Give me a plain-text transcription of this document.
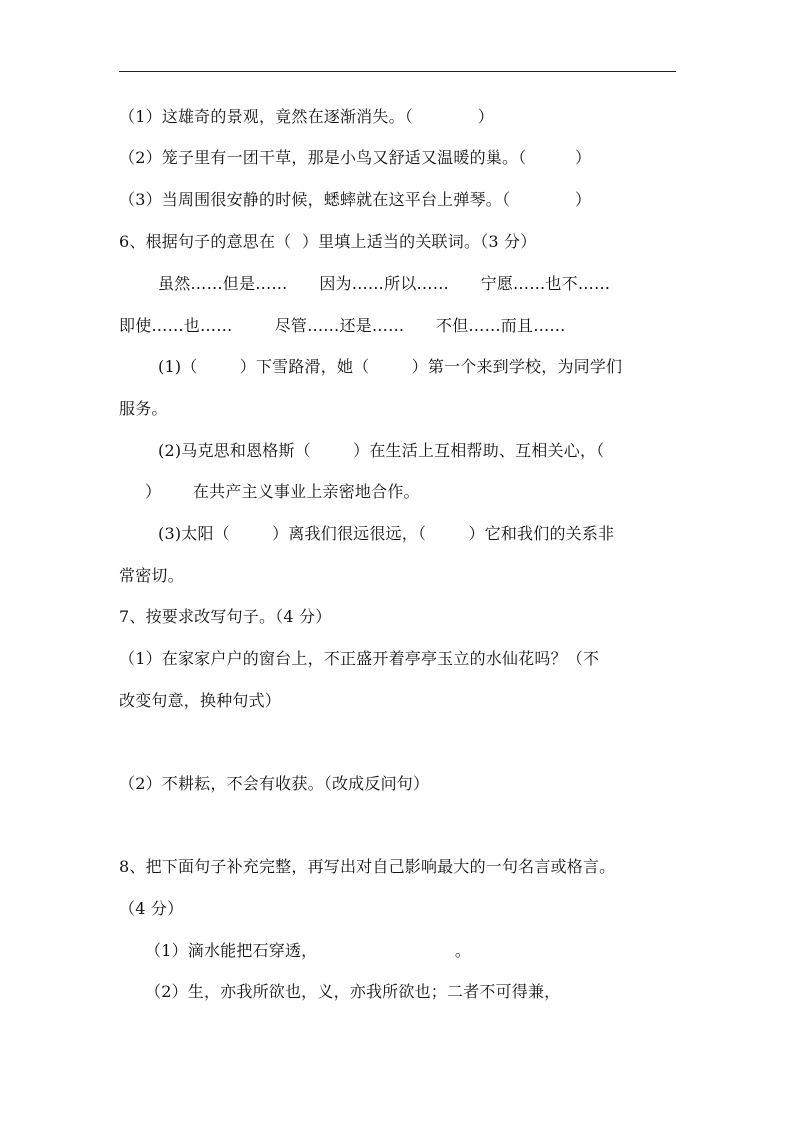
（1）这雄奇的景观，竟然在逐渐消失。（　　　　）
（2）笼子里有一团干草，那是小鸟又舒适又温暖的巢。（　　　）
（3）当周围很安静的时候，蟋蟀就在这平台上弹琴。（　　　　）
6、根据句子的意思在（  ）里填上适当的关联词。（3 分）
虽然……但是……      因为……所以……      宁愿……也不……
即使……也……        尽管……还是……      不但……而且……
(1)（        ）下雪路滑，她（        ）第一个来到学校，为同学们
服务。
(2)马克思和恩格斯（        ）在生活上互相帮助、互相关心，（
）      在共产主义事业上亲密地合作。
(3)太阳（        ）离我们很远很远，（        ）它和我们的关系非
常密切。
7、按要求改写句子。（4 分）
（1）在家家户户的窗台上，不正盛开着亭亭玉立的水仙花吗？（不
改变句意，换种句式）
（2）不耕耘，不会有收获。（改成反问句）
8、把下面句子补充完整，再写出对自己影响最大的一句名言或格言。
（4 分）
（1）滴水能把石穿透，                          。
（2）生，亦我所欲也，义，亦我所欲也；二者不可得兼，
